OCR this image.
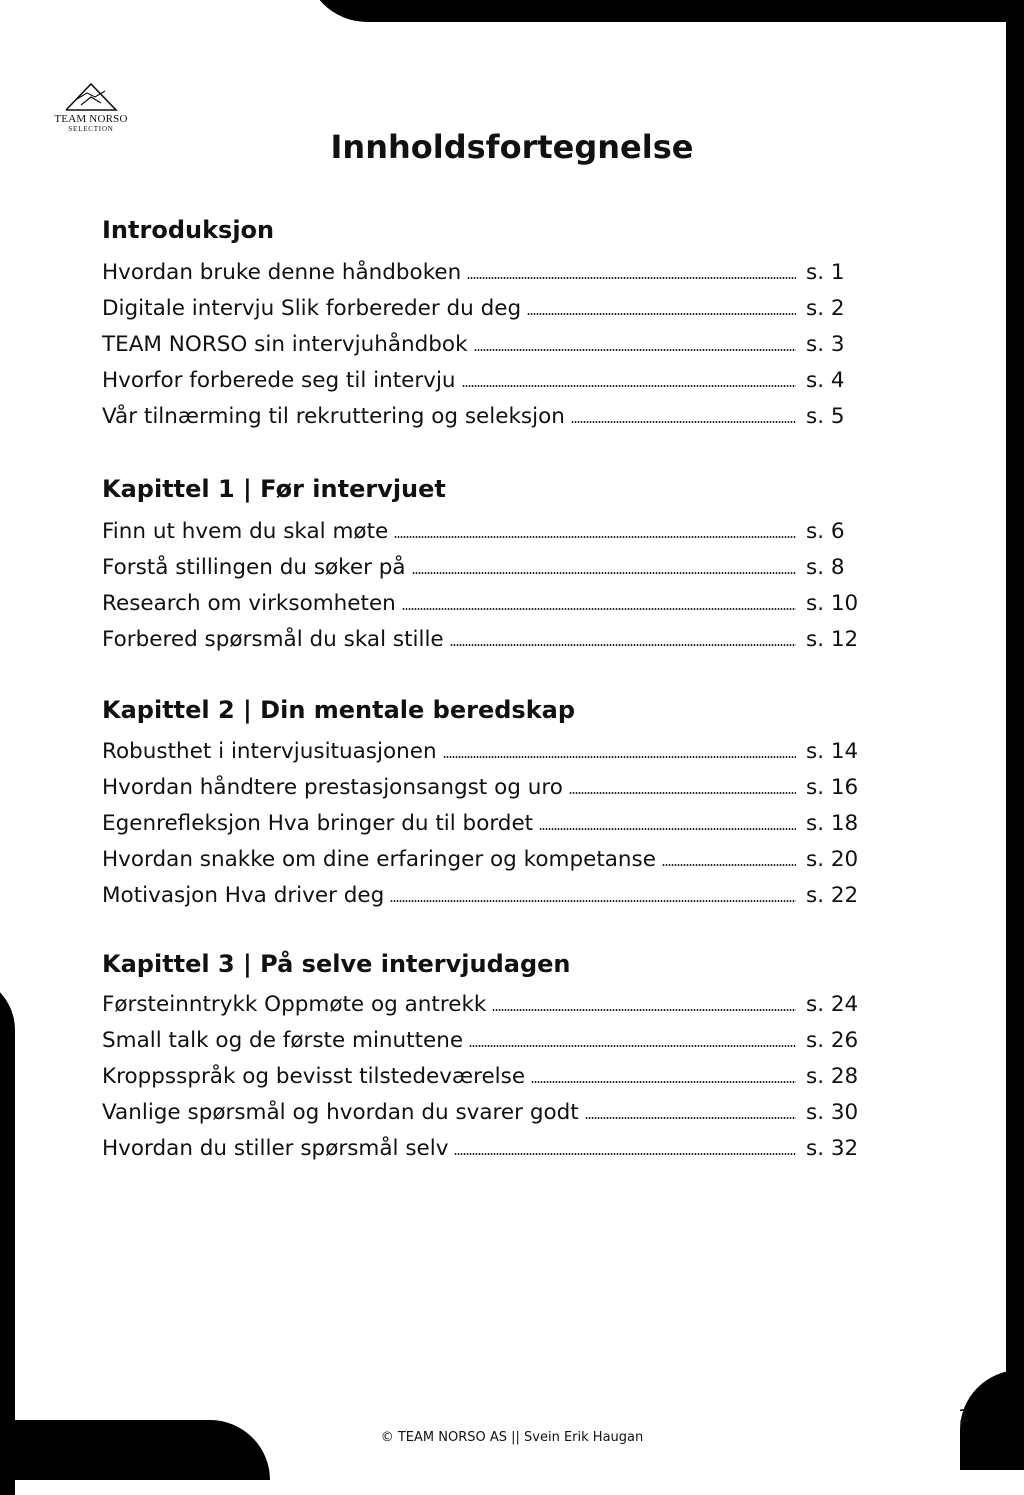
TEAM NORSO
SELECTION	Innholdsfortegnelse
Introduksjon
Hvordan bruke denne håndboken	s. 1
Digitale intervju Slik forbereder du deg	s. 2
TEAM NORSO sin intervjuhåndbok	s. 3
Hvorfor forberede seg til intervju	s. 4
Vår tilnærming til rekruttering og seleksjon	s. 5
Kapittel 1 | Før intervjuet
Finn ut hvem du skal møte	s. 6
Forstå stillingen du søker på	s. 8
Research om virksomheten	s. 10
Forbered spørsmål du skal stille	s. 12
Kapittel 2 | Din mentale beredskap
Robusthet i intervjusituasjonen	s. 14
Hvordan håndtere prestasjonsangst og uro	s. 16
Egenrefleksjon Hva bringer du til bordet	s. 18
Hvordan snakke om dine erfaringer og kompetanse	s. 20
Motivasjon Hva driver deg	s. 22
Kapittel 3 | På selve intervjudagen
Førsteinntrykk Oppmøte og antrekk	s. 24
Small talk og de første minuttene	s. 26
Kroppsspråk og bevisst tilstedeværelse	s. 28
Vanlige spørsmål og hvordan du svarer godt	s. 30
Hvordan du stiller spørsmål selv	s. 32
© TEAM NORSO AS || Svein Erik Haugan
1
